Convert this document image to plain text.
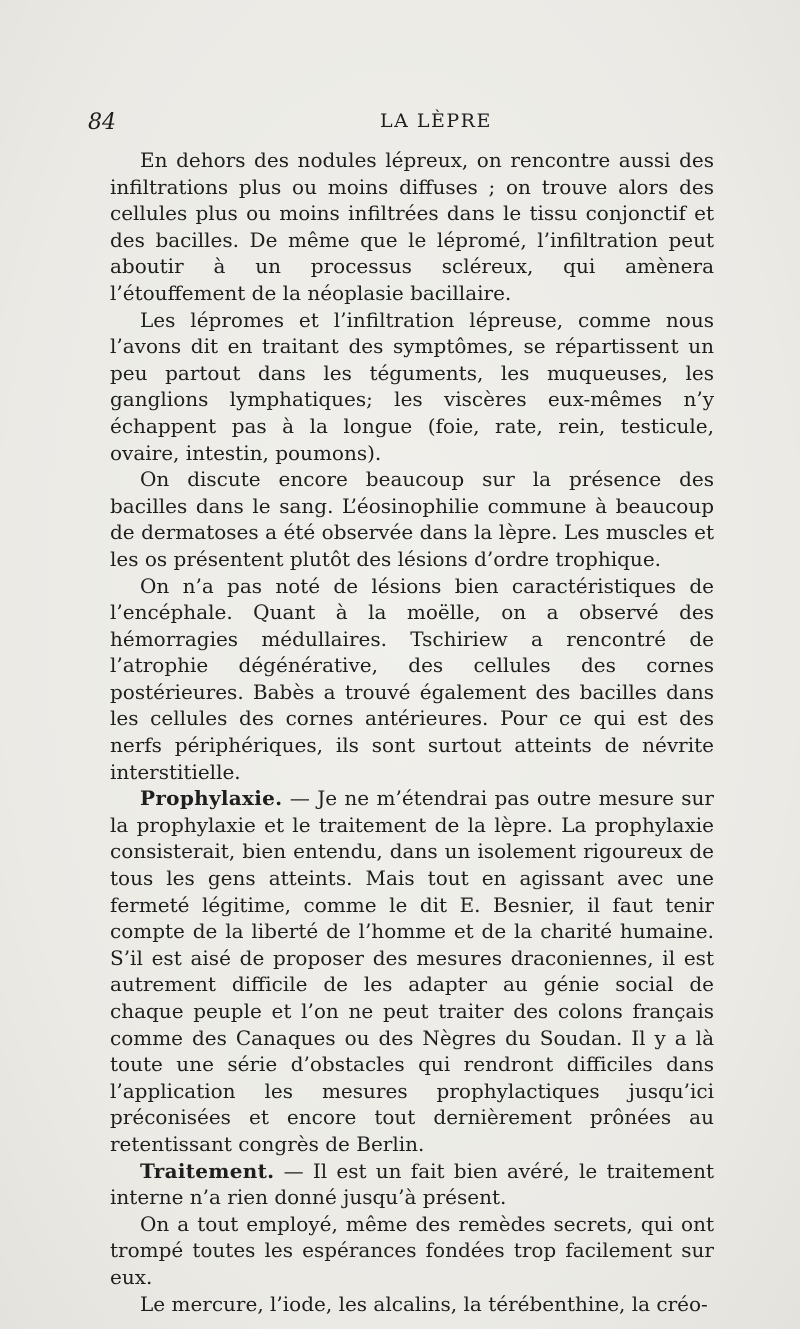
84	LA LÈPRE

En dehors des nodules lépreux, on rencontre aussi des infiltrations plus ou moins diffuses ; on trouve alors des cellules plus ou moins infiltrées dans le tissu conjonctif et des bacilles. De même que le lépromé, l’infiltration peut aboutir à un processus scléreux, qui amènera l’étouffement de la néoplasie bacillaire.

Les lépromes et l’infiltration lépreuse, comme nous l’avons dit en traitant des symptômes, se répartissent un peu partout dans les téguments, les muqueuses, les ganglions lymphatiques; les viscères eux-mêmes n’y échappent pas à la longue (foie, rate, rein, testicule, ovaire, intestin, poumons).

On discute encore beaucoup sur la présence des bacilles dans le sang. L’éosinophilie commune à beaucoup de dermatoses a été observée dans la lèpre. Les muscles et les os présentent plutôt des lésions d’ordre trophique.

On n’a pas noté de lésions bien caractéristiques de l’encéphale. Quant à la moëlle, on a observé des hémorragies médullaires. Tschiriew a rencontré de l’atrophie dégénérative, des cellules des cornes postérieures. Babès a trouvé également des bacilles dans les cellules des cornes antérieures. Pour ce qui est des nerfs périphériques, ils sont surtout atteints de névrite interstitielle.

Prophylaxie. — Je ne m’étendrai pas outre mesure sur la prophylaxie et le traitement de la lèpre. La prophylaxie consisterait, bien entendu, dans un isolement rigoureux de tous les gens atteints. Mais tout en agissant avec une fermeté légitime, comme le dit E. Besnier, il faut tenir compte de la liberté de l’homme et de la charité humaine. S’il est aisé de proposer des mesures draconiennes, il est autrement difficile de les adapter au génie social de chaque peuple et l’on ne peut traiter des colons français comme des Canaques ou des Nègres du Soudan. Il y a là toute une série d’obstacles qui rendront difficiles dans l’application les mesures prophylactiques jusqu’ici préconisées et encore tout dernièrement prônées au retentissant congrès de Berlin.

Traitement. — Il est un fait bien avéré, le traitement interne n’a rien donné jusqu’à présent.

On a tout employé, même des remèdes secrets, qui ont trompé toutes les espérances fondées trop facilement sur eux.

Le mercure, l’iode, les alcalins, la térébenthine, la créo-
